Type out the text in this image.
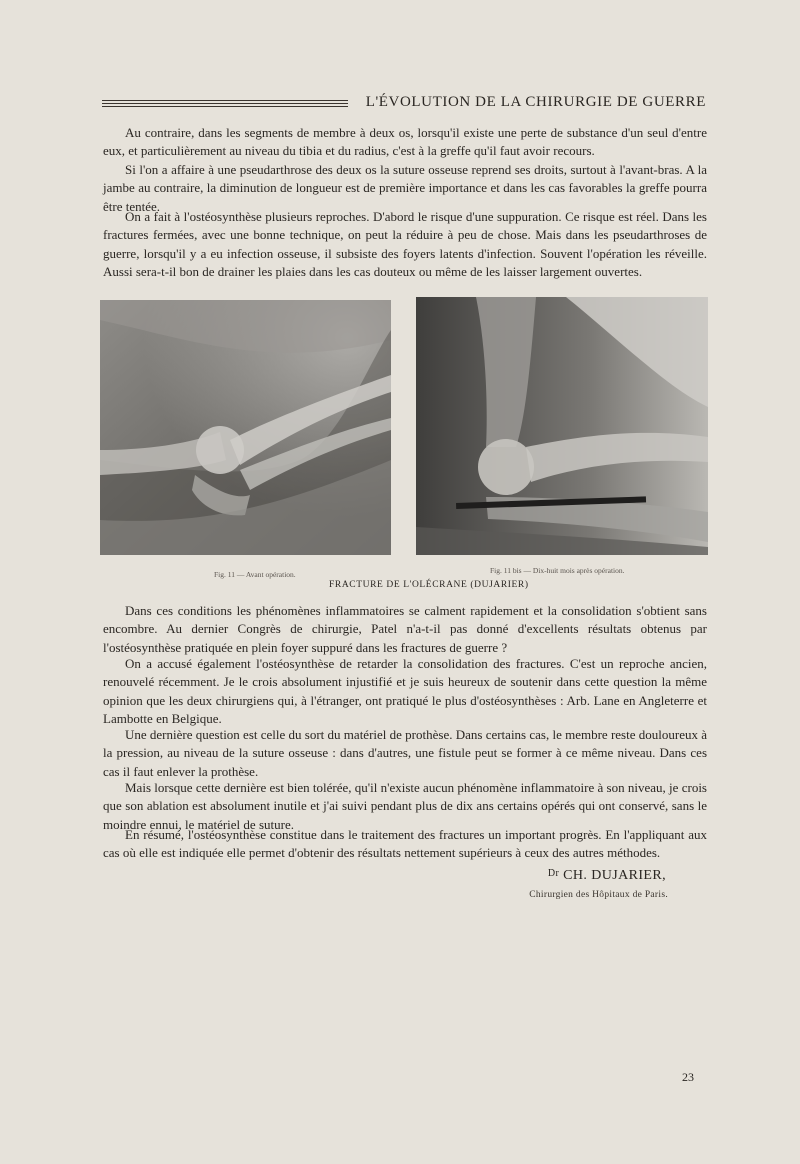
L'ÉVOLUTION DE LA CHIRURGIE DE GUERRE

Au contraire, dans les segments de membre à deux os, lorsqu'il existe une perte de substance d'un seul d'entre eux, et particulièrement au niveau du tibia et du radius, c'est à la greffe qu'il faut avoir recours.

Si l'on a affaire à une pseudarthrose des deux os la suture osseuse reprend ses droits, surtout à l'avant-bras. A la jambe au contraire, la diminution de longueur est de première importance et dans les cas favorables la greffe pourra être tentée.

On a fait à l'ostéosynthèse plusieurs reproches. D'abord le risque d'une suppuration. Ce risque est réel. Dans les fractures fermées, avec une bonne technique, on peut la réduire à peu de chose. Mais dans les pseudarthroses de guerre, lorsqu'il y a eu infection osseuse, il subsiste des foyers latents d'infection. Souvent l'opération les réveille. Aussi sera-t-il bon de drainer les plaies dans les cas douteux ou même de les laisser largement ouvertes.

Fig. 11 — Avant opération.	Fig. 11 bis — Dix-huit mois après opération.
FRACTURE DE L'OLÉCRANE (DUJARIER)

Dans ces conditions les phénomènes inflammatoires se calment rapidement et la consolidation s'obtient sans encombre. Au dernier Congrès de chirurgie, Patel n'a-t-il pas donné d'excellents résultats obtenus par l'ostéosynthèse pratiquée en plein foyer suppuré dans les fractures de guerre ?

On a accusé également l'ostéosynthèse de retarder la consolidation des fractures. C'est un reproche ancien, renouvelé récemment. Je le crois absolument injustifié et je suis heureux de soutenir dans cette question la même opinion que les deux chirurgiens qui, à l'étranger, ont pratiqué le plus d'ostéosynthèses : Arb. Lane en Angleterre et Lambotte en Belgique.

Une dernière question est celle du sort du matériel de prothèse. Dans certains cas, le membre reste douloureux à la pression, au niveau de la suture osseuse : dans d'autres, une fistule peut se former à ce même niveau. Dans ces cas il faut enlever la prothèse.

Mais lorsque cette dernière est bien tolérée, qu'il n'existe aucun phénomène inflammatoire à son niveau, je crois que son ablation est absolument inutile et j'ai suivi pendant plus de dix ans certains opérés qui ont conservé, sans le moindre ennui, le matériel de suture.

En résumé, l'ostéosynthèse constitue dans le traitement des fractures un important progrès. En l'appliquant aux cas où elle est indiquée elle permet d'obtenir des résultats nettement supérieurs à ceux des autres méthodes.

$^{Dr}$ CH. DUJARIER,
Chirurgien des Hôpitaux de Paris.
23
